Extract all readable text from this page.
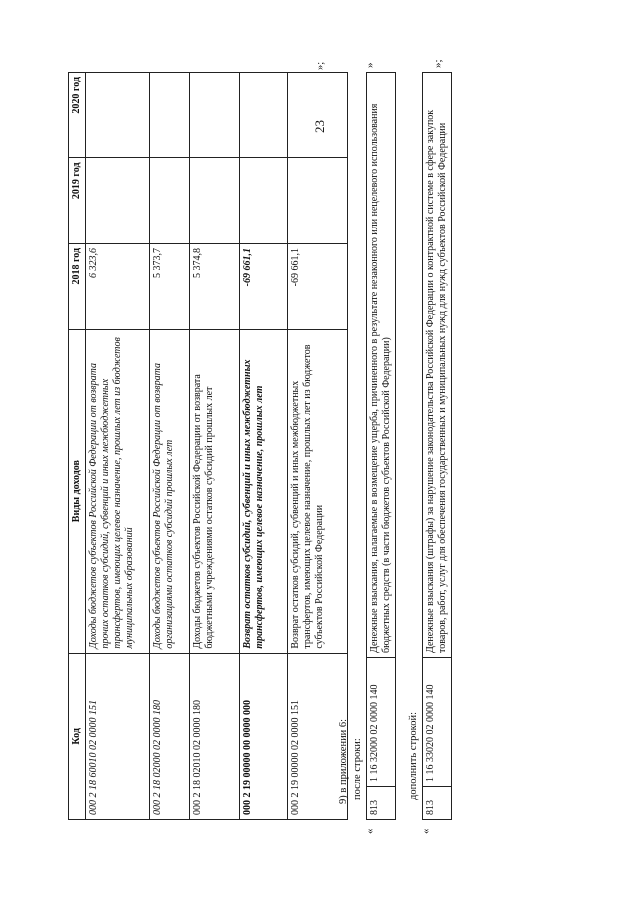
23
Код	Виды доходов	2018 год	2019 год	2020 год
000 2 18 60010 02 0000 151	Доходы бюджетов субъектов Российской Федерации от возврата прочих остатков субсидий, субвенций и иных межбюджетных трансфертов, имеющих целевое назначение, прошлых лет из бюджетов муниципальных образований	6 323,6		
000 2 18 02000 02 0000 180	Доходы бюджетов субъектов Российской Федерации от возврата организациями остатков субсидий прошлых лет	5 373,7		
000 2 18 02010 02 0000 180	Доходы бюджетов субъектов Российской Федерации от возврата бюджетными учреждениями остатков субсидий прошлых лет	5 374,8		
000 2 19 00000 00 0000 000	Возврат остатков субсидий, субвенций и иных межбюджетных трансфертов, имеющих целевое назначение, прошлых лет	-69 661,1		
000 2 19 00000 02 0000 151	Возврат остатков субсидий, субвенций и иных межбюджетных трансфертов, имеющих целевое назначение, прошлых лет из бюджетов субъектов Российской Федерации	-69 661,1		
»;
9) в приложении 6: после строки:
«
813	1 16 32000 02 0000 140	Денежные взыскания, налагаемые в возмещение ущерба, причиненного в результате незаконного или нецелевого использования бюджетных средств (в части бюджетов субъектов Российской Федерации)
»
дополнить строкой:
«
813	1 16 33020 02 0000 140	Денежные взыскания (штрафы) за нарушение законодательства Российской Федерации о контрактной системе в сфере закупок товаров, работ, услуг для обеспечения государственных и муниципальных нужд для нужд субъектов Российской Федерации
»;
